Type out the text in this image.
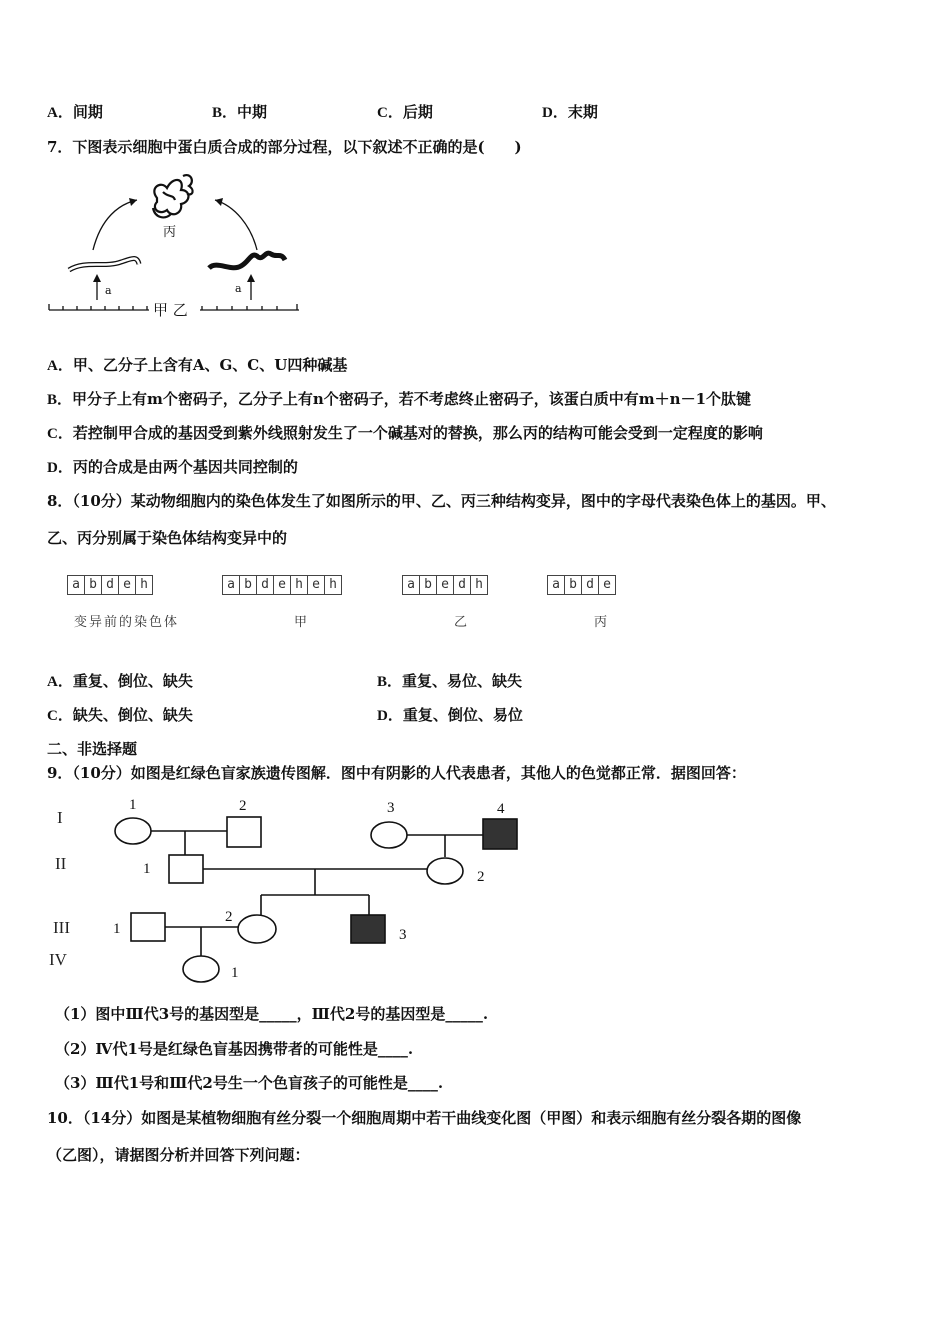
A．间期	B．中期	C．后期	D．末期
7．下图表示细胞中蛋白质合成的部分过程，以下叙述不正确的是(　　)
丙
a	a
甲 乙
A．甲、乙分子上含有A、G、C、U四种碱基
B．甲分子上有m个密码子，乙分子上有n个密码子，若不考虑终止密码子，该蛋白质中有m＋n－1个肽键
C．若控制甲合成的基因受到紫外线照射发生了一个碱基对的替换，那么丙的结构可能会受到一定程度的影响
D．丙的合成是由两个基因共同控制的
8．（10分）某动物细胞内的染色体发生了如图所示的甲、乙、丙三种结构变异，图中的字母代表染色体上的基因。甲、
乙、丙分别属于染色体结构变异中的
a b d e h
变异前的染色体
a b d e h e h
甲
a b e d h
乙
a b d e
丙
A．重复、倒位、缺失	B．重复、易位、缺失
C．缺失、倒位、缺失	D．重复、倒位、易位
二、非选择题
9．（10分）如图是红绿色盲家族遗传图解．图中有阴影的人代表患者，其他人的色觉都正常．据图回答：
I
II
III
IV
1	2	3	4
1	2
1
2
3
1
（1）图中Ⅲ代3号的基因型是_____，Ⅲ代2号的基因型是_____.
（2）Ⅳ代1号是红绿色盲基因携带者的可能性是____.
（3）Ⅲ代1号和Ⅲ代2号生一个色盲孩子的可能性是____.
10．（14分）如图是某植物细胞有丝分裂一个细胞周期中若干曲线变化图（甲图）和表示细胞有丝分裂各期的图像
（乙图），请据图分析并回答下列问题：
